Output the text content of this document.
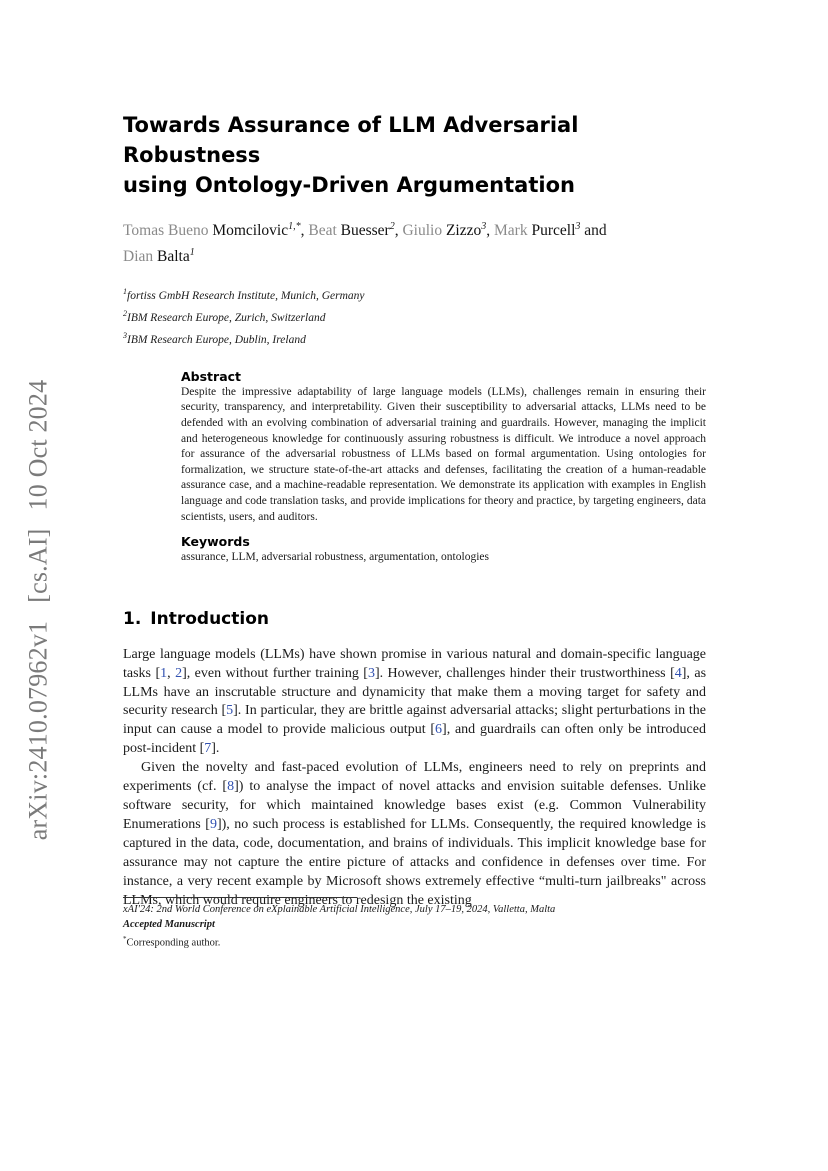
arXiv:2410.07962v1[cs.AI]10 Oct 2024
Towards Assurance of LLM Adversarial Robustness
using Ontology-Driven Argumentation
Tomas Bueno Momcilovic$^{1,*}$, Beat Buesser$^2$, Giulio Zizzo$^3$, Mark Purcell$^3$ and
Dian Balta$^1$
$^1$fortiss GmbH Research Institute, Munich, Germany
$^2$IBM Research Europe, Zurich, Switzerland
$^3$IBM Research Europe, Dublin, Ireland

Abstract

Despite the impressive adaptability of large language models (LLMs), challenges remain in ensuring their security, transparency, and interpretability. Given their susceptibility to adversarial attacks, LLMs need to be defended with an evolving combination of adversarial training and guardrails. However, managing the implicit and heterogeneous knowledge for continuously assuring robustness is difficult. We introduce a novel approach for assurance of the adversarial robustness of LLMs based on formal argumentation. Using ontologies for formalization, we structure state-of-the-art attacks and defenses, facilitating the creation of a human-readable assurance case, and a machine-readable representation. We demonstrate its application with examples in English language and code translation tasks, and provide implications for theory and practice, by targeting engineers, data scientists, users, and auditors.

Keywords

assurance, LLM, adversarial robustness, argumentation, ontologies

1. Introduction

Large language models (LLMs) have shown promise in various natural and domain-specific language tasks [1, 2], even without further training [3]. However, challenges hinder their trustworthiness [4], as LLMs have an inscrutable structure and dynamicity that make them a moving target for safety and security research [5]. In particular, they are brittle against adversarial attacks; slight perturbations in the input can cause a model to provide malicious output [6], and guardrails can often only be introduced post-incident [7].

Given the novelty and fast-paced evolution of LLMs, engineers need to rely on preprints and experiments (cf. [8]) to analyse the impact of novel attacks and envision suitable defenses. Unlike software security, for which maintained knowledge bases exist (e.g. Common Vulnerability Enumerations [9]), no such process is established for LLMs. Consequently, the required knowledge is captured in the data, code, documentation, and brains of individuals. This implicit knowledge base for assurance may not capture the entire picture of attacks and confidence in defenses over time. For instance, a very recent example by Microsoft shows extremely effective “multi-turn jailbreaks" across LLMs, which would require engineers to redesign the existing

xAI'24: 2nd World Conference on eXplainable Artificial Intelligence, July 17–19, 2024, Valletta, Malta
Accepted Manuscript
*Corresponding author.
